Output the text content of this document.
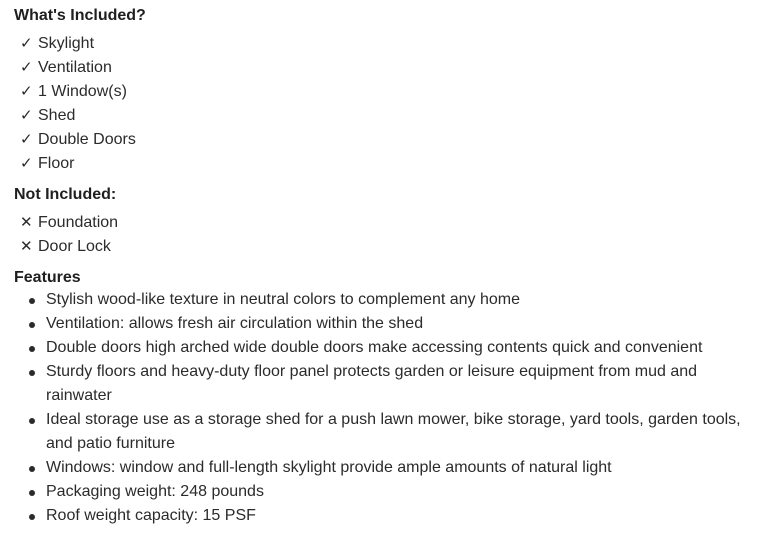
What's Included?
✓ Skylight
✓ Ventilation
✓ 1 Window(s)
✓ Shed
✓ Double Doors
✓ Floor
Not Included:
✕ Foundation
✕ Door Lock
Features
Stylish wood-like texture in neutral colors to complement any home
Ventilation: allows fresh air circulation within the shed
Double doors high arched wide double doors make accessing contents quick and convenient
Sturdy floors and heavy-duty floor panel protects garden or leisure equipment from mud and rainwater
Ideal storage use as a storage shed for a push lawn mower, bike storage, yard tools, garden tools, and patio furniture
Windows: window and full-length skylight provide ample amounts of natural light
Packaging weight: 248 pounds
Roof weight capacity: 15 PSF
